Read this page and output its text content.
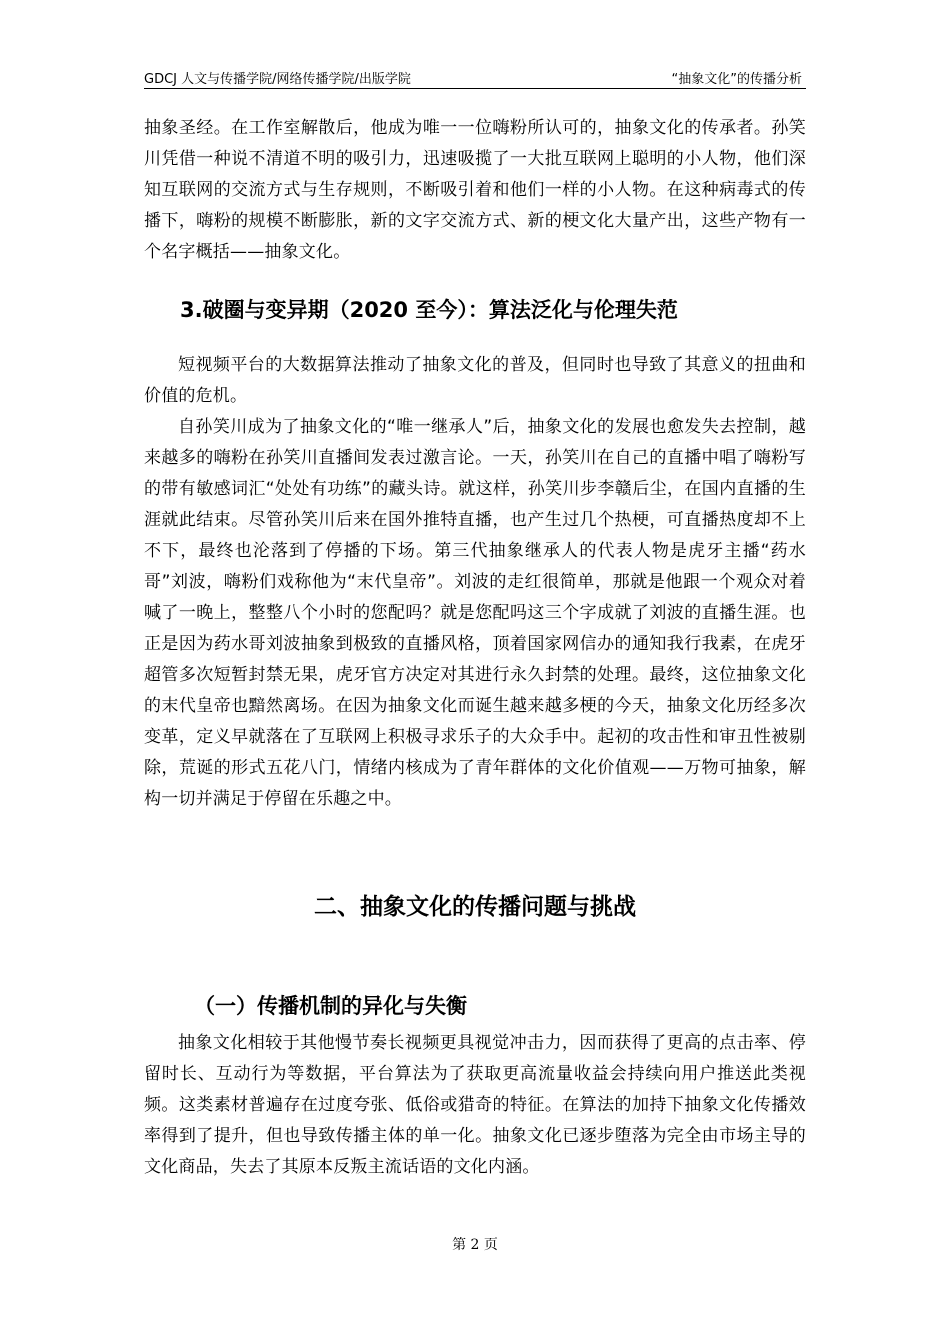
GDCJ 人文与传播学院/网络传播学院/出版学院	“抽象文化”的传播分析

抽象圣经。在工作室解散后，他成为唯一一位嗨粉所认可的，抽象文化的传承者。孙笑川凭借一种说不清道不明的吸引力，迅速吸揽了一大批互联网上聪明的小人物，他们深知互联网的交流方式与生存规则，不断吸引着和他们一样的小人物。在这种病毒式的传播下，嗨粉的规模不断膨胀，新的文字交流方式、新的梗文化大量产出，这些产物有一个名字概括——抽象文化。

3.破圈与变异期（2020 至今）：算法泛化与伦理失范

短视频平台的大数据算法推动了抽象文化的普及，但同时也导致了其意义的扭曲和价值的危机。

自孙笑川成为了抽象文化的“唯一继承人”后，抽象文化的发展也愈发失去控制，越来越多的嗨粉在孙笑川直播间发表过激言论。一天，孙笑川在自己的直播中唱了嗨粉写的带有敏感词汇“处处有功练”的藏头诗。就这样，孙笑川步李赣后尘，在国内直播的生涯就此结束。尽管孙笑川后来在国外推特直播，也产生过几个热梗，可直播热度却不上不下，最终也沦落到了停播的下场。第三代抽象继承人的代表人物是虎牙主播“药水哥”刘波，嗨粉们戏称他为“末代皇帝”。刘波的走红很简单，那就是他跟一个观众对着喊了一晚上，整整八个小时的您配吗？就是您配吗这三个字成就了刘波的直播生涯。也正是因为药水哥刘波抽象到极致的直播风格，顶着国家网信办的通知我行我素，在虎牙超管多次短暂封禁无果，虎牙官方决定对其进行永久封禁的处理。最终，这位抽象文化的末代皇帝也黯然离场。在因为抽象文化而诞生越来越多梗的今天，抽象文化历经多次变革，定义早就落在了互联网上积极寻求乐子的大众手中。起初的攻击性和审丑性被剔除，荒诞的形式五花八门，情绪内核成为了青年群体的文化价值观——万物可抽象，解构一切并满足于停留在乐趣之中。

二、抽象文化的传播问题与挑战
（一）传播机制的异化与失衡

抽象文化相较于其他慢节奏长视频更具视觉冲击力，因而获得了更高的点击率、停留时长、互动行为等数据，平台算法为了获取更高流量收益会持续向用户推送此类视频。这类素材普遍存在过度夸张、低俗或猎奇的特征。在算法的加持下抽象文化传播效率得到了提升，但也导致传播主体的单一化。抽象文化已逐步堕落为完全由市场主导的文化商品，失去了其原本反叛主流话语的文化内涵。

第 2 页
